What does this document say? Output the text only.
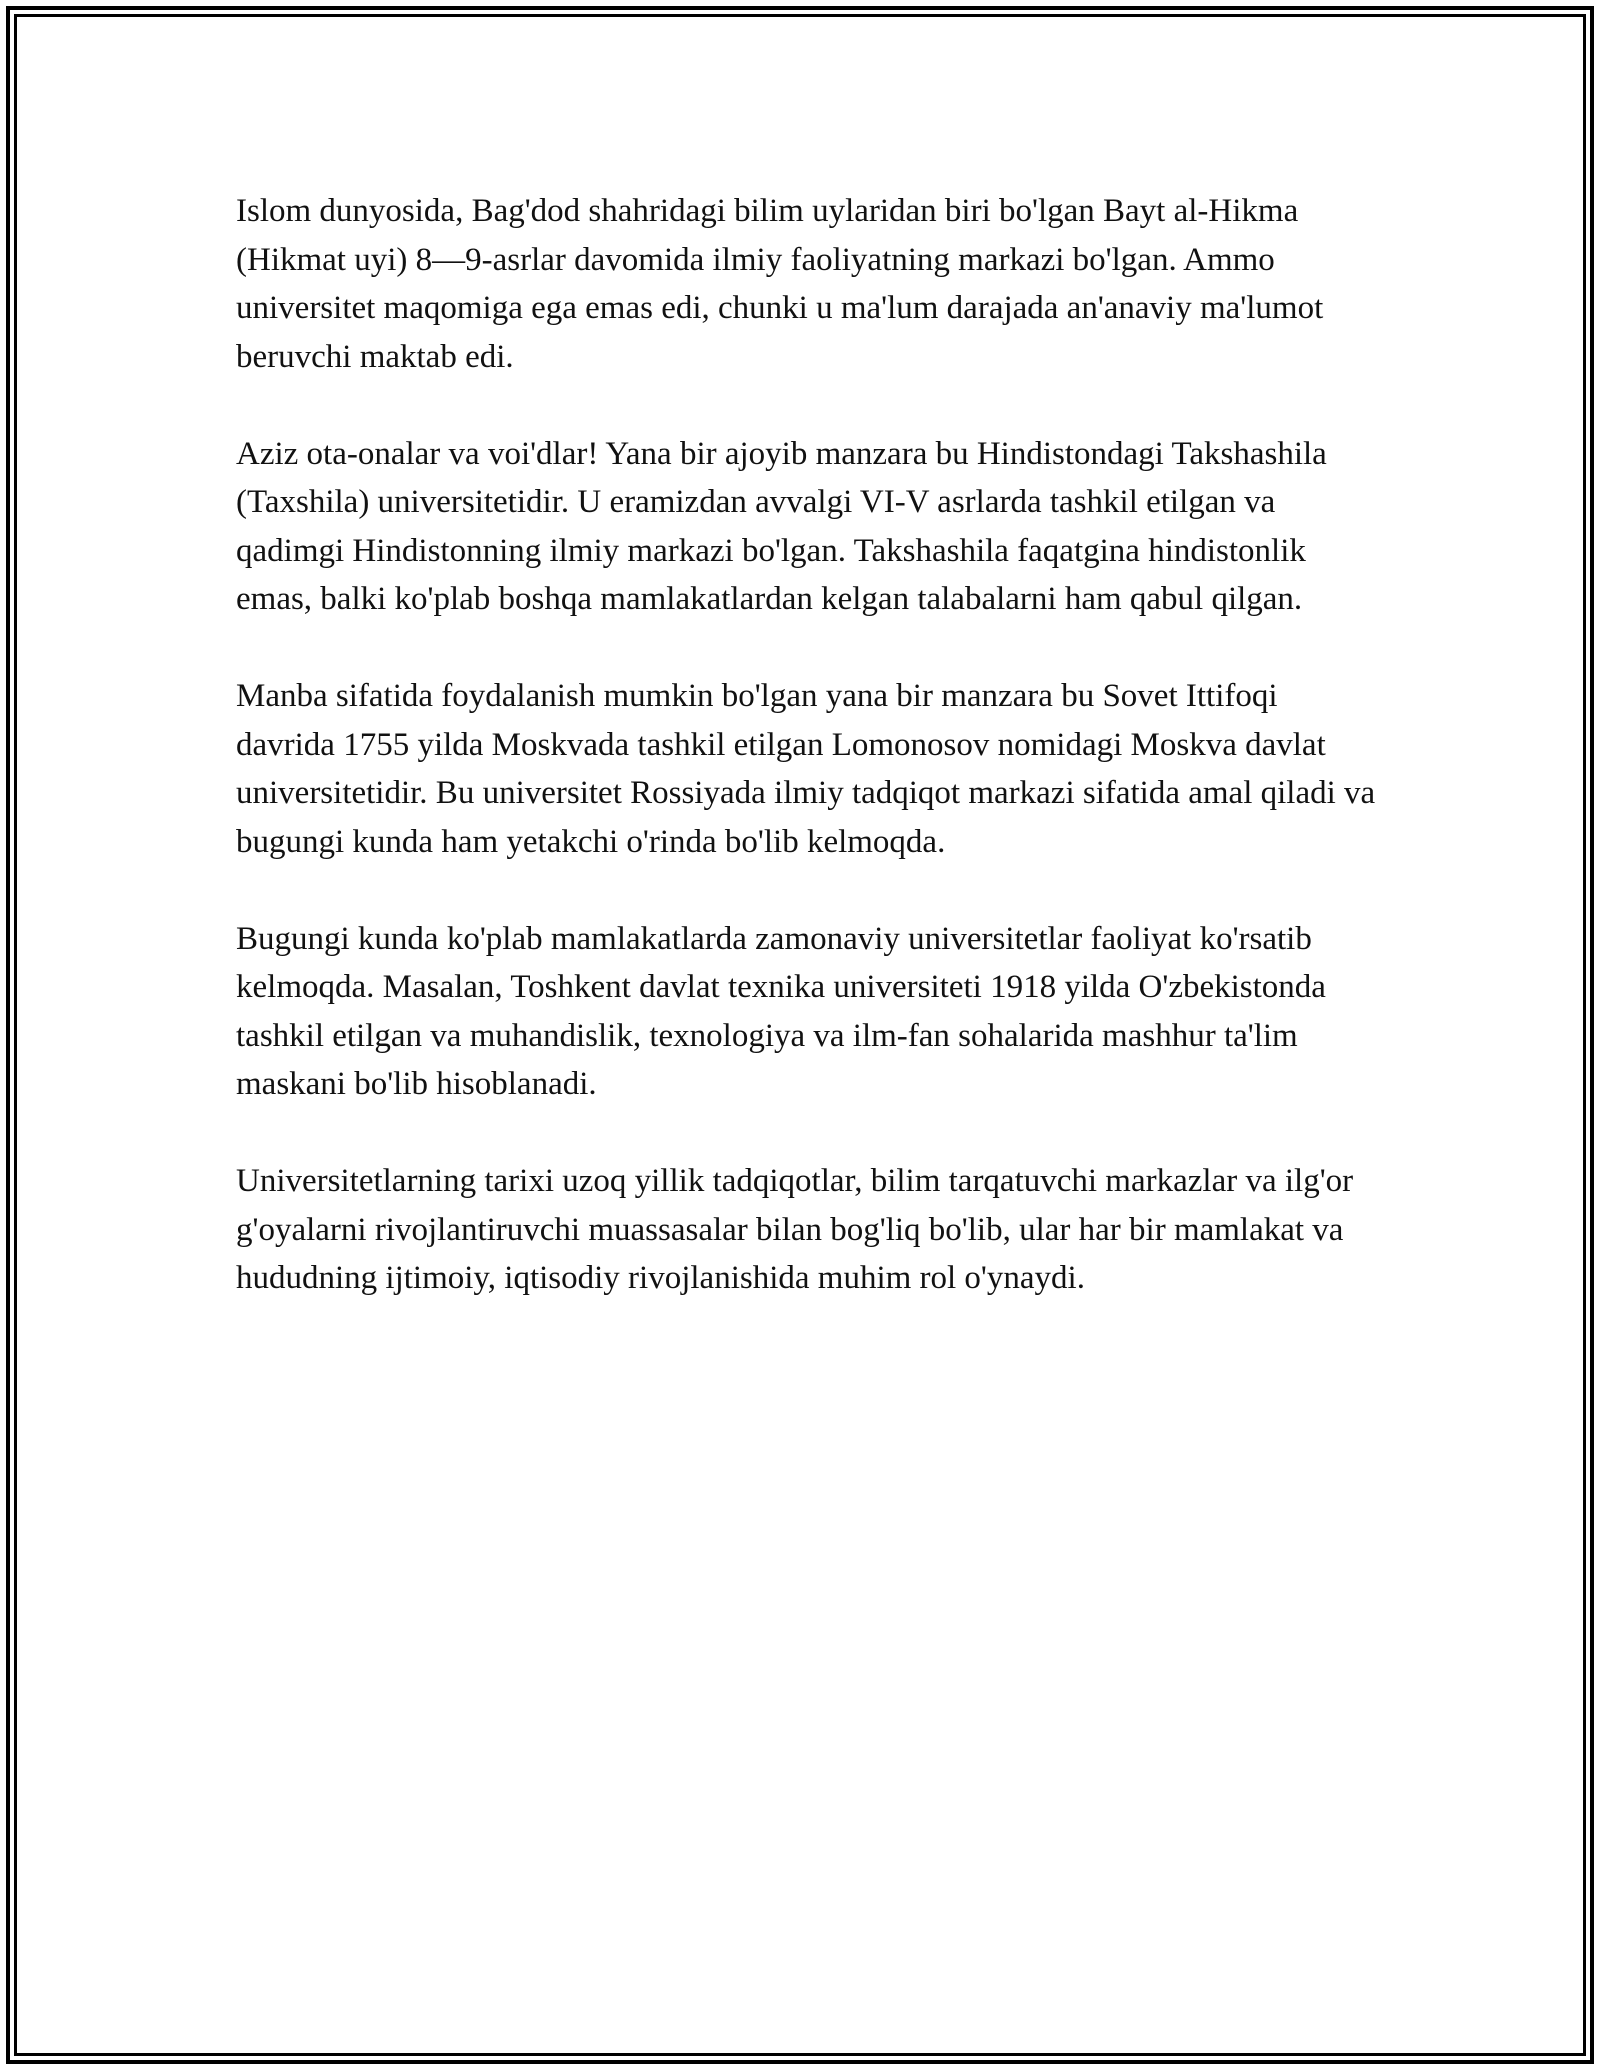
Islom dunyosida, Bag'dod shahridagi bilim uylaridan biri bo'lgan Bayt al-Hikma (Hikmat uyi) 8—9-asrlar davomida ilmiy faoliyatning markazi bo'lgan. Ammo universitet maqomiga ega emas edi, chunki u ma'lum darajada an'anaviy ma'lumot beruvchi maktab edi.

Aziz ota-onalar va voi'dlar! Yana bir ajoyib manzara bu Hindistondagi Takshashila (Taxshila) universitetidir. U eramizdan avvalgi VI-V asrlarda tashkil etilgan va qadimgi Hindistonning ilmiy markazi bo'lgan. Takshashila faqatgina hindistonlik emas, balki ko'plab boshqa mamlakatlardan kelgan talabalarni ham qabul qilgan.

Manba sifatida foydalanish mumkin bo'lgan yana bir manzara bu Sovet Ittifoqi davrida 1755 yilda Moskvada tashkil etilgan Lomonosov nomidagi Moskva davlat universitetidir. Bu universitet Rossiyada ilmiy tadqiqot markazi sifatida amal qiladi va bugungi kunda ham yetakchi o'rinda bo'lib kelmoqda.

Bugungi kunda ko'plab mamlakatlarda zamonaviy universitetlar faoliyat ko'rsatib kelmoqda. Masalan, Toshkent davlat texnika universiteti 1918 yilda O'zbekistonda tashkil etilgan va muhandislik, texnologiya va ilm-fan sohalarida mashhur ta'lim maskani bo'lib hisoblanadi.

Universitetlarning tarixi uzoq yillik tadqiqotlar, bilim tarqatuvchi markazlar va ilg'or g'oyalarni rivojlantiruvchi muassasalar bilan bog'liq bo'lib, ular har bir mamlakat va hududning ijtimoiy, iqtisodiy rivojlanishida muhim rol o'ynaydi.
